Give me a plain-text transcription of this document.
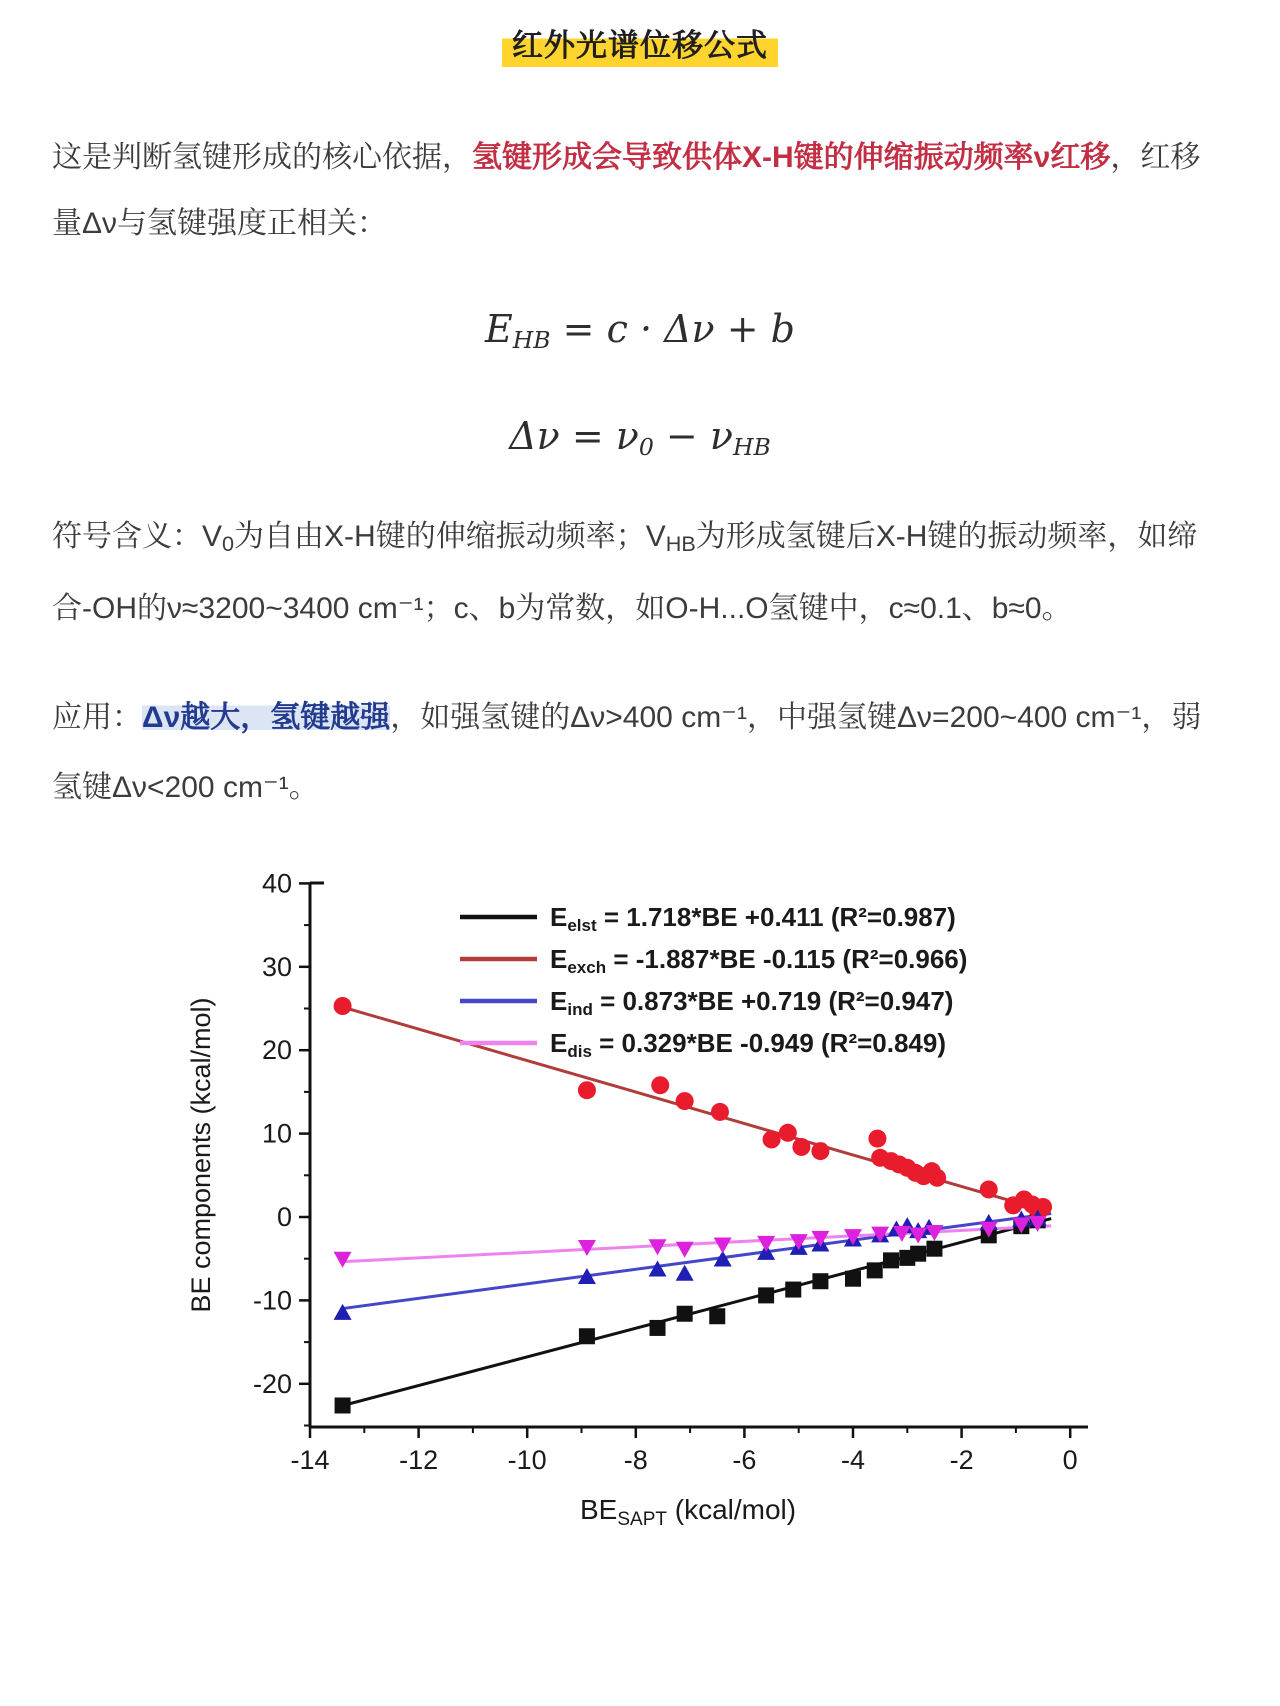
红外光谱位移公式

这是判断氢键形成的核心依据，氢键形成会导致供体X-H键的伸缩振动频率ν红移，红移量Δν与氢键强度正相关：

EHB = c · Δν + b
Δν = ν0 − νHB

符号含义：V0为自由X-H键的伸缩振动频率；VHB为形成氢键后X-H键的振动频率，如缔合-OH的ν≈3200~3400 cm⁻¹；c、b为常数，如O-H...O氢键中，c≈0.1、b≈0。

应用：Δν越大，氢键越强，如强氢键的Δν>400 cm⁻¹，中强氢键Δν=200~400 cm⁻¹，弱氢键Δν<200 cm⁻¹。

-14	-12	-10	-8	-6	-4	-2	0
40
30
20
10
0
-10
-20
$BE_{SAPT}$ (kcal/mol)
BE components (kcal/mol)
Eelst = 1.718*BE +0.411 (R²=0.987)
Eexch = -1.887*BE -0.115 (R²=0.966)
Eind = 0.873*BE +0.719 (R²=0.947)
Edis = 0.329*BE -0.949 (R²=0.849)
